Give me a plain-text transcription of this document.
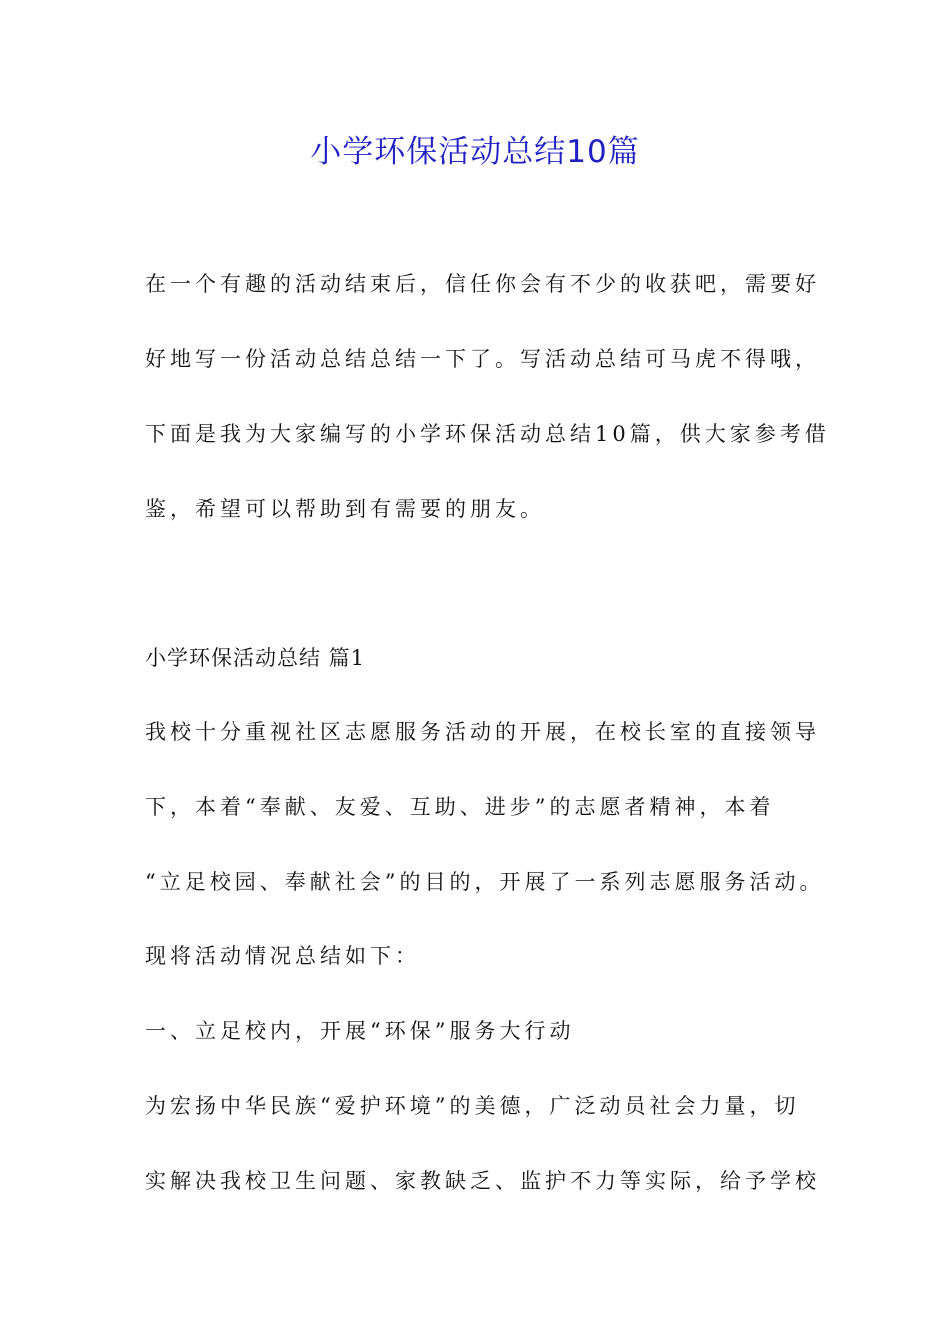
小学环保活动总结10篇

在一个有趣的活动结束后，信任你会有不少的收获吧，需要好

好地写一份活动总结总结一下了。写活动总结可马虎不得哦，

下面是我为大家编写的小学环保活动总结10篇，供大家参考借

鉴，希望可以帮助到有需要的朋友。

小学环保活动总结 篇1

我校十分重视社区志愿服务活动的开展，在校长室的直接领导

下，本着“奉献、友爱、互助、进步”的志愿者精神，本着

“立足校园、奉献社会”的目的，开展了一系列志愿服务活动。

现将活动情况总结如下：

一、立足校内，开展“环保”服务大行动

为宏扬中华民族“爱护环境”的美德，广泛动员社会力量，切

实解决我校卫生问题、家教缺乏、监护不力等实际，给予学校
